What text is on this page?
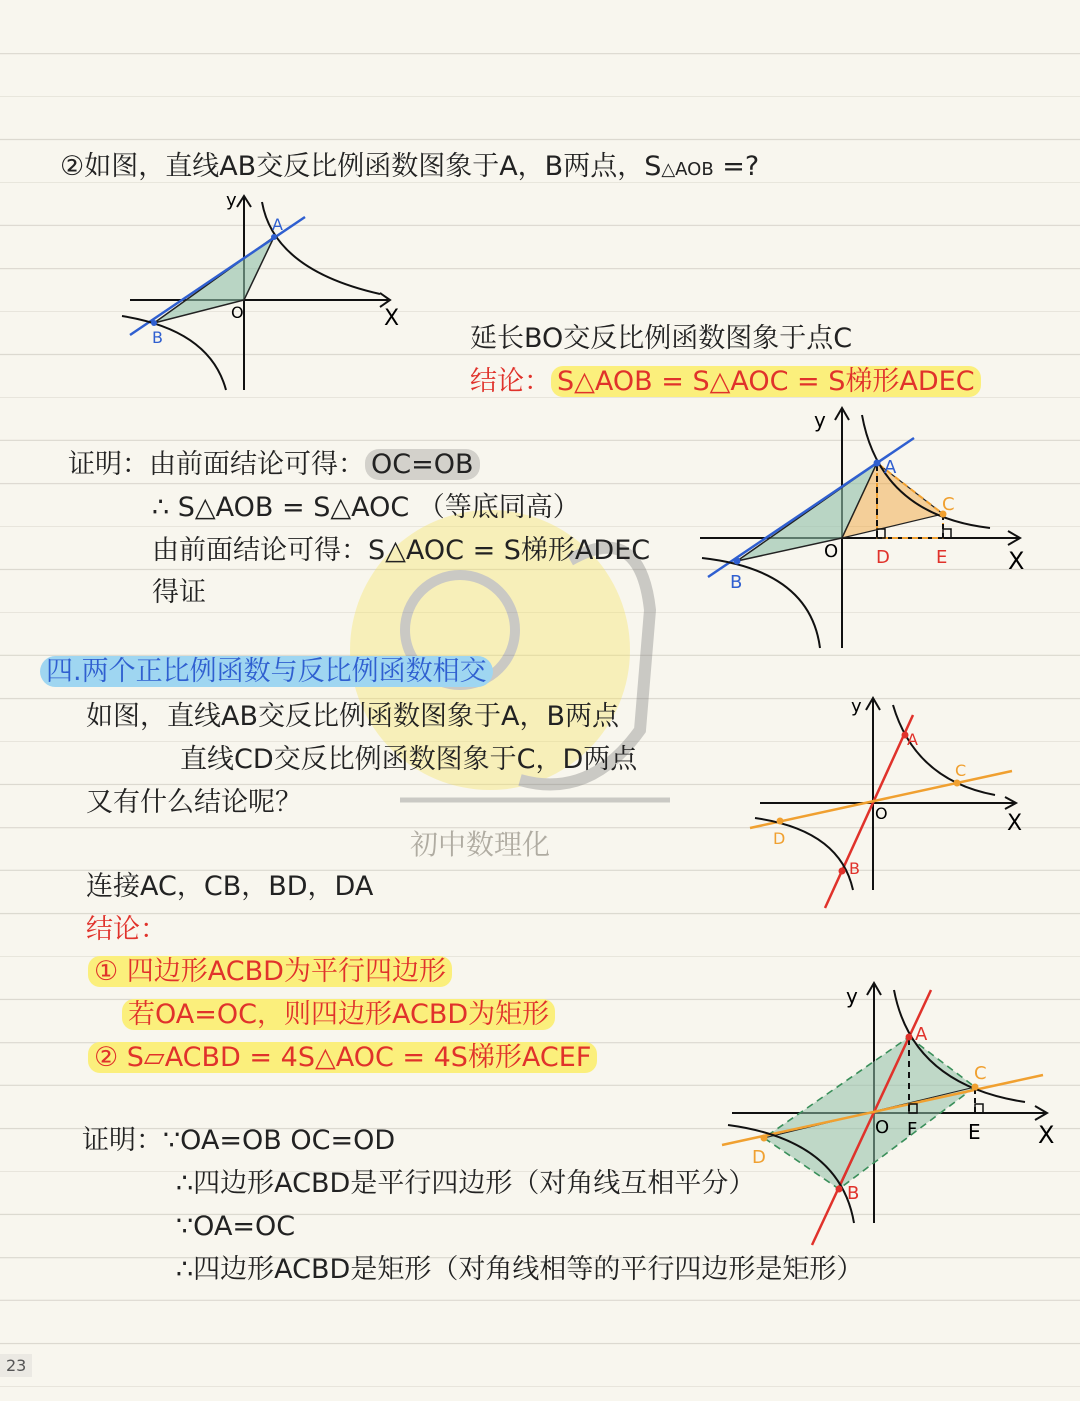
初中数理化
②如图，直线AB交反比例函数图象于A，B两点，S△AOB =?
y
X
O
A
B	延长BO交反比例函数图象于点C
结论： S△AOB = S△AOC = S梯形ADEC
证明：由前面结论可得： OC=OB
∴ S△AOB = S△AOC （等底同高）
由前面结论可得：S△AOC = S梯形ADEC
得证
y
X
O
A
C
D	E
B
四.两个正比例函数与反比例函数相交
如图，直线AB交反比例函数图象于A，B两点
直线CD交反比例函数图象于C，D两点
又有什么结论呢？
连接AC，CB，BD，DA
结论：
① 四边形ACBD为平行四边形
若OA=OC，则四边形ACBD为矩形
② S▱ACBD = 4S△AOC = 4S梯形ACEF
证明：∵OA=OB OC=OD
∴四边形ACBD是平行四边形（对角线互相平分）
∵OA=OC
∴四边形ACBD是矩形（对角线相等的平行四边形是矩形）
y
X
O
A
C
D
B
y
X
O
A
C
D
B
F	E
23
